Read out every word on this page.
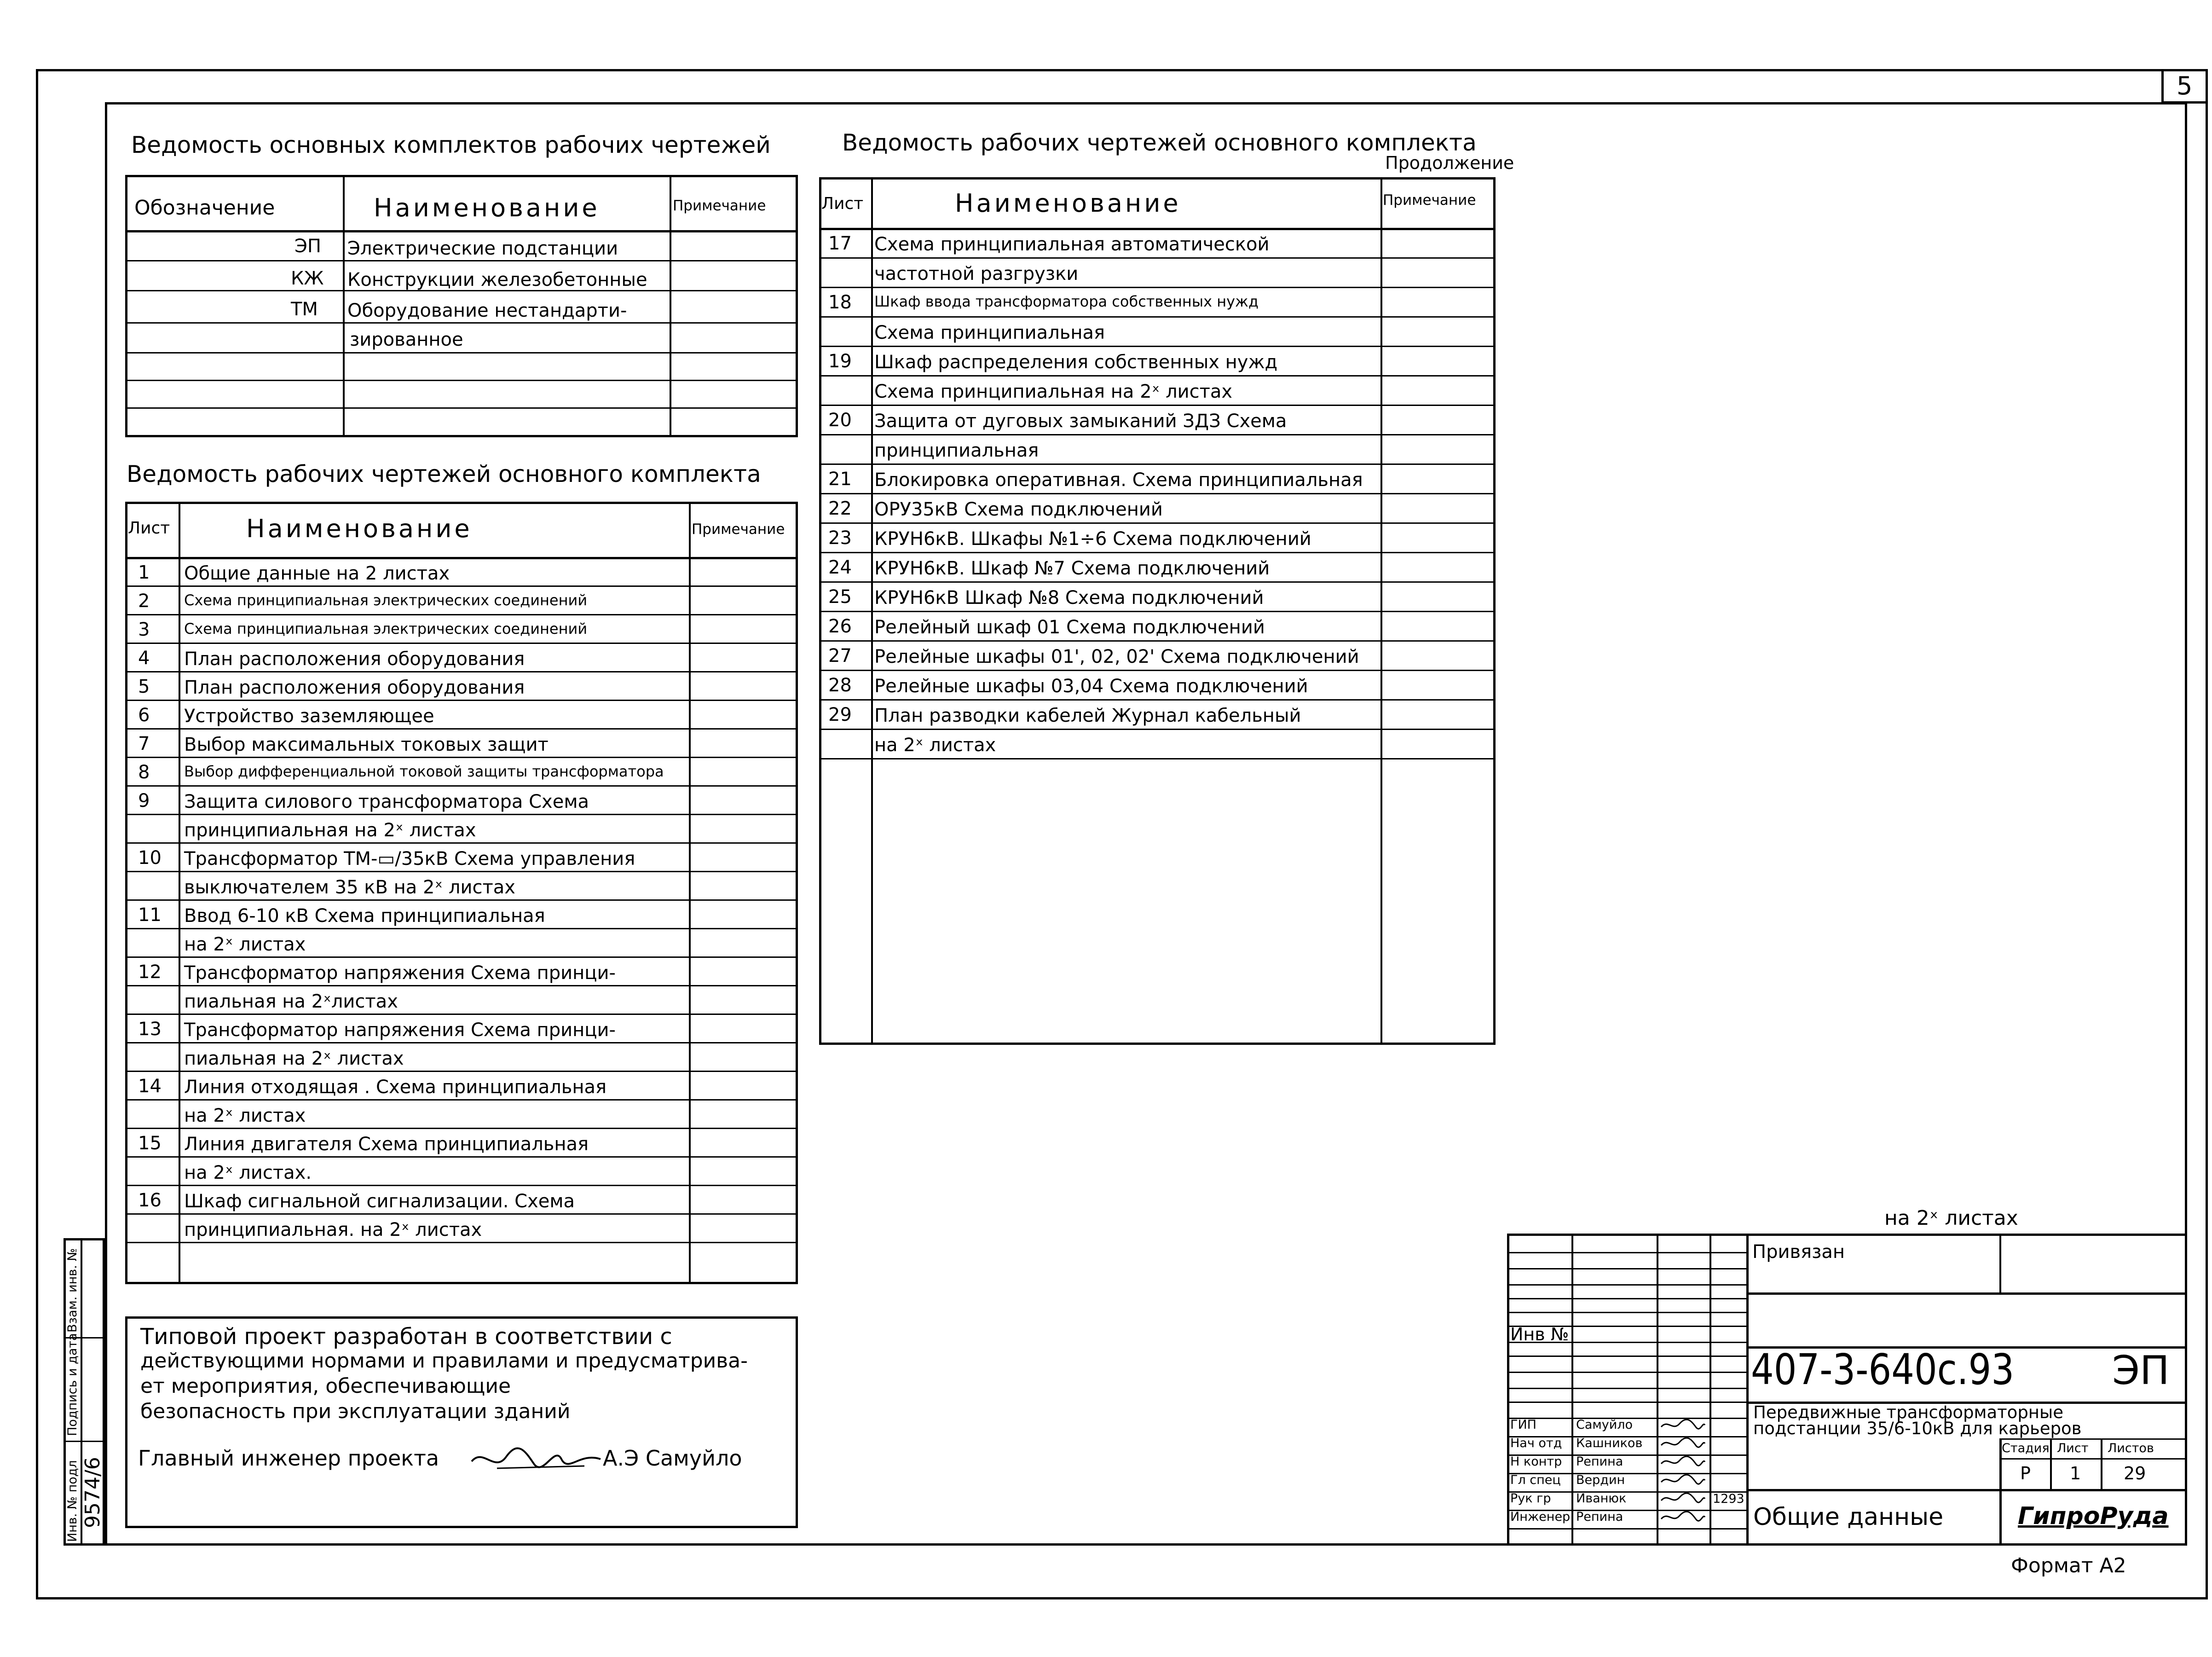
5
Инв. № подл
Подпись и дата
Взам. инв. №
9574/6
Ведомость основных комплектов рабочих чертежей
Обозначение	Наименование	Примечание
ЭП Электрические подстанции
КЖ Конструкции железобетонные
ТМ Оборудование нестандарти-
зированное
Ведомость рабочих чертежей основного комплекта
Лист	Наименование	Примечание
1 Общие данные на 2 листах
2 Схема принципиальная электрических соединений
3 Схема принципиальная электрических соединений
4 План расположения оборудования
5 План расположения оборудования
6 Устройство заземляющее
7 Выбор максимальных токовых защит
8 Выбор дифференциальной токовой защиты трансформатора
9 Защита силового трансформатора Схема
принципиальная на 2ˣ листах
10 Трансформатор ТМ-▭/35кВ Схема управления
выключателем 35 кВ на 2ˣ листах
11 Ввод 6-10 кВ Схема принципиальная
на 2ˣ листах
12 Трансформатор напряжения Схема принци-
пиальная на 2ˣлистах
13 Трансформатор напряжения Схема принци-
пиальная на 2ˣ листах
14 Линия отходящая . Схема принципиальная
на 2ˣ листах
15 Линия двигателя Схема принципиальная
на 2ˣ листах.
16 Шкаф сигнальной сигнализации. Схема
принципиальная. на 2ˣ листах
Ведомость рабочих чертежей основного комплекта
Продолжение
Лист	Наименование	Примечание
17 Схема принципиальная автоматической
частотной разгрузки
18 Шкаф ввода трансформатора собственных нужд
Схема принципиальная
19 Шкаф распределения собственных нужд
Схема принципиальная на 2ˣ листах
20 Защита от дуговых замыканий ЗДЗ Схема
принципиальная
21 Блокировка оперативная. Схема принципиальная
22 ОРУ35кВ Схема подключений
23 КРУН6кВ. Шкафы №1÷6 Схема подключений
24 КРУН6кВ. Шкаф №7 Схема подключений
25 КРУН6кВ Шкаф №8 Схема подключений
26 Релейный шкаф 01 Схема подключений
27 Релейные шкафы 01', 02, 02' Схема подключений
28 Релейные шкафы 03,04 Схема подключений
29 План разводки кабелей Журнал кабельный
на 2ˣ листах
Типовой проект разработан в соответствии с
действующими нормами и правилами и предусматрива-
ет мероприятия, обеспечивающие
безопасность при эксплуатации зданий
Главный инженер проекта	А.Э Самуйло
на 2ˣ листах
Привязан
Инв №
407-3-640с.93 ЭП
Передвижные трансформаторные
подстанции 35/6-10кВ для карьеров
Стадия Лист Листов
Р 1 29
Общие данные	ГипроРуда
ГИП	Самуйло
Нач отд Кашников
Н контр Репина
Гл спец Вердин
Рук гр Иванюк
Инженер Репина
1293
Формат А2
